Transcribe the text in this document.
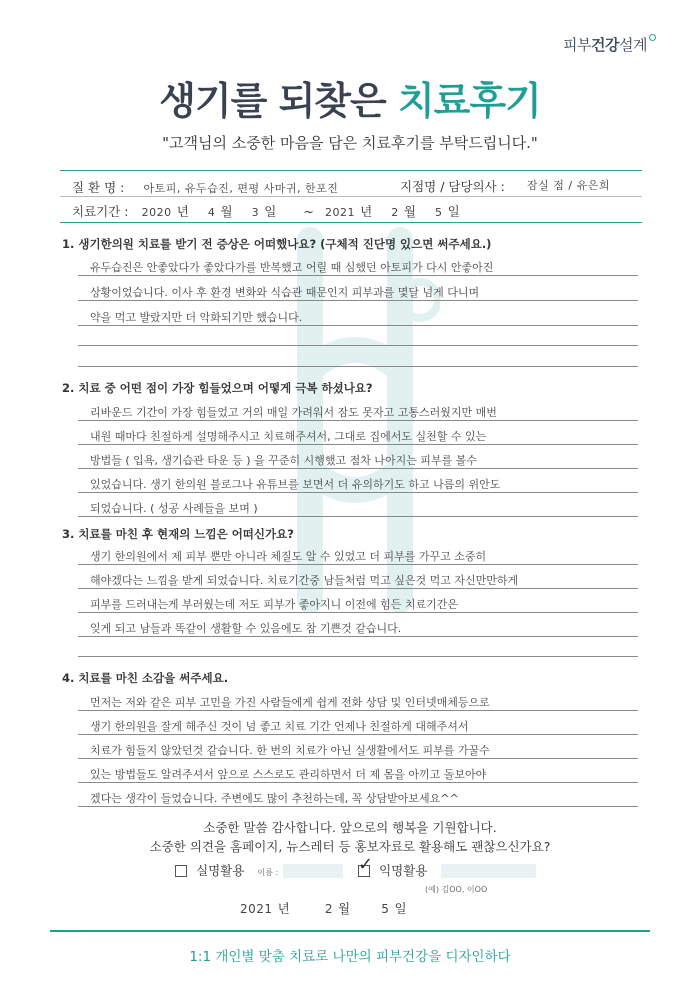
피부건강설계
생기를 되찾은 치료후기
"고객님의 소중한 마음을 담은 치료후기를 부탁드립니다."
질 환 명 : 아토피, 유두습진, 편평 사마귀, 한포진	지점명 / 담당의사 : 잠실 점 / 유은희
치료기간 : 2020 년 4 월 3 일 ~ 2021 년 2 월 5 일
1. 생기한의원 치료를 받기 전 증상은 어떠했나요? (구체적 진단명 있으면 써주세요.)
유두습진은 안좋았다가 좋았다가를 반복했고 어릴 때 심했던 아토피가 다시 안좋아진
상황이었습니다. 이사 후 환경 변화와 식습관 때문인지 피부과를 몇달 넘게 다니며
약을 먹고 발랐지만 더 악화되기만 했습니다.
2. 치료 중 어떤 점이 가장 힘들었으며 어떻게 극복 하셨나요?
리바운드 기간이 가장 힘들었고 거의 매일 가려워서 잠도 못자고 고통스러웠지만 매번
내원 때마다 친절하게 설명해주시고 치료해주셔서, 그대로 집에서도 실천할 수 있는
방법들 ( 입욕, 생기습관 타운 등 ) 을 꾸준히 시행했고 점차 나아지는 피부를 볼수
있었습니다. 생기 한의원 블로그나 유튜브를 보면서 더 유의하기도 하고 나름의 위안도
되었습니다. ( 성공 사례들을 보며 )
3. 치료를 마친 후 현재의 느낌은 어떠신가요?
생기 한의원에서 제 피부 뿐만 아니라 체질도 알 수 있었고 더 피부를 가꾸고 소중히
해야겠다는 느낌을 받게 되었습니다. 치료기간중 남들처럼 먹고 싶은것 먹고 자신만만하게
피부를 드러내는게 부러웠는데 저도 피부가 좋아지니 이전에 힘든 치료기간은
잊게 되고 남들과 똑같이 생활할 수 있음에도 참 기쁜것 같습니다.
4. 치료를 마친 소감을 써주세요.
먼저는 저와 같은 피부 고민을 가진 사람들에게 쉽게 전화 상담 및 인터넷매체등으로
생기 한의원을 잘게 해주신 것이 넘 좋고 치료 기간 언제나 친절하게 대해주셔서
치료가 힘들지 않았던것 같습니다. 한 번의 치료가 아닌 실생활에서도 피부를 가꿀수
있는 방법들도 알려주셔서 앞으로 스스로도 관리하면서 더 제 몸을 아끼고 돌보아야
겠다는 생각이 들었습니다. 주변에도 많이 추천하는데, 꼭 상담받아보세요^^
소중한 말씀 감사합니다. 앞으로의 행복을 기원합니다.
소중한 의견을 홈페이지, 뉴스레터 등 홍보자료로 활용해도 괜찮으신가요?
실명활용 이름 :	✓ 익명활용
(예) 김OO, 이OO
2021 년	2 월	5 일
1:1 개인별 맞춤 치료로 나만의 피부건강을 디자인하다
